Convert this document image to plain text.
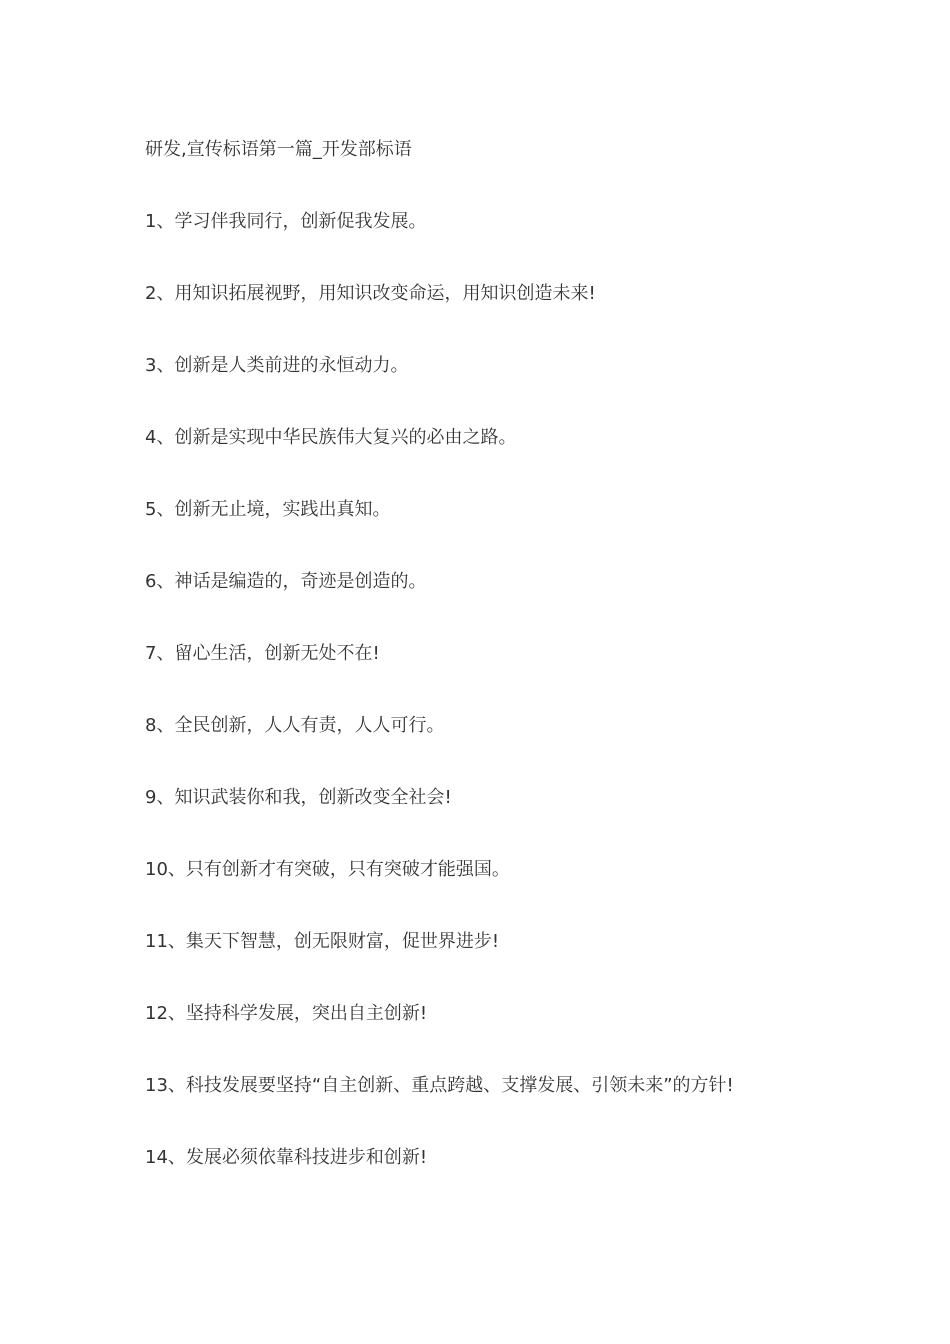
研发,宣传标语第一篇_开发部标语

1、学习伴我同行，创新促我发展。

2、用知识拓展视野，用知识改变命运，用知识创造未来!

3、创新是人类前进的永恒动力。

4、创新是实现中华民族伟大复兴的必由之路。

5、创新无止境，实践出真知。

6、神话是编造的，奇迹是创造的。

7、留心生活，创新无处不在!

8、全民创新，人人有责，人人可行。

9、知识武装你和我，创新改变全社会!

10、只有创新才有突破，只有突破才能强国。

11、集天下智慧，创无限财富，促世界进步!

12、坚持科学发展，突出自主创新!

13、科技发展要坚持“自主创新、重点跨越、支撑发展、引领未来”的方针!

14、发展必须依靠科技进步和创新!
